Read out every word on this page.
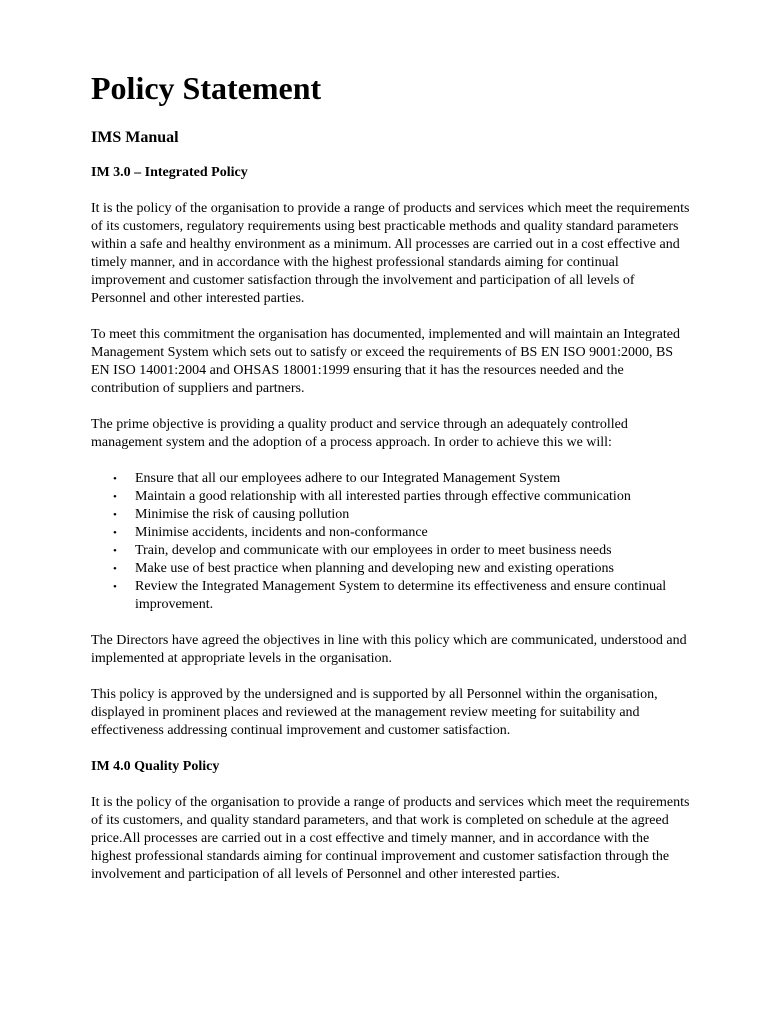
Policy Statement
IMS Manual
IM 3.0 – Integrated Policy

It is the policy of the organisation to provide a range of products and services which meet the requirements of its customers, regulatory requirements using best practicable methods and quality standard parameters within a safe and healthy environment as a minimum. All processes are carried out in a cost effective and timely manner, and in accordance with the highest professional standards aiming for continual improvement and customer satisfaction through the involvement and participation of all levels of Personnel and other interested parties.

To meet this commitment the organisation has documented, implemented and will maintain an Integrated Management System which sets out to satisfy or exceed the requirements of BS EN ISO 9001:2000, BS EN ISO 14001:2004 and OHSAS 18001:1999 ensuring that it has the resources needed and the contribution of suppliers and partners.

The prime objective is providing a quality product and service through an adequately controlled management system and the adoption of a process approach. In order to achieve this we will:

• Ensure that all our employees adhere to our Integrated Management System
• Maintain a good relationship with all interested parties through effective communication
• Minimise the risk of causing pollution
• Minimise accidents, incidents and non-conformance
• Train, develop and communicate with our employees in order to meet business needs
• Make use of best practice when planning and developing new and existing operations
• Review the Integrated Management System to determine its effectiveness and ensure continual improvement.

The Directors have agreed the objectives in line with this policy which are communicated, understood and implemented at appropriate levels in the organisation.

This policy is approved by the undersigned and is supported by all Personnel within the organisation, displayed in prominent places and reviewed at the management review meeting for suitability and effectiveness addressing continual improvement and customer satisfaction.

IM 4.0 Quality Policy

It is the policy of the organisation to provide a range of products and services which meet the requirements of its customers, and quality standard parameters, and that work is completed on schedule at the agreed price.All processes are carried out in a cost effective and timely manner, and in accordance with the highest professional standards aiming for continual improvement and customer satisfaction through the involvement and participation of all levels of Personnel and other interested parties.
